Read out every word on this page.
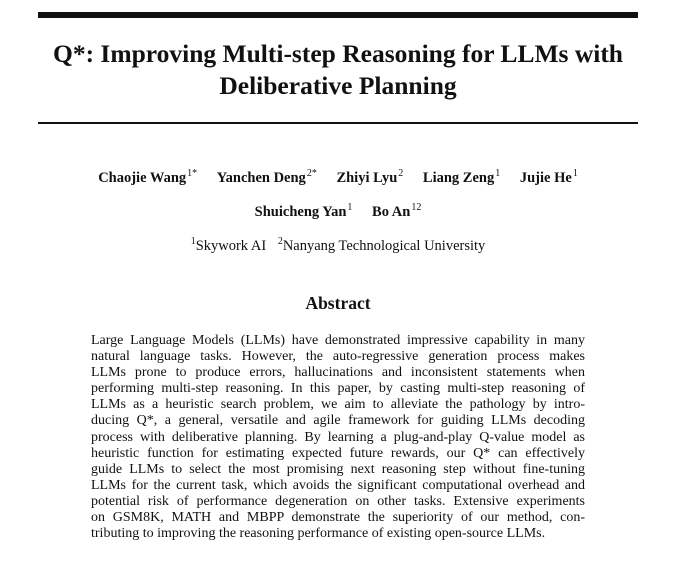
Q*: Improving Multi-step Reasoning for LLMs with
Deliberative Planning
Chaojie Wang$^{1*}$ Yanchen Deng$^{2*}$ Zhiyi Lyu$^2$ Liang Zeng$^1$ Jujie He$^1$
Shuicheng Yan$^1$ Bo An$^{12}$
$^1$Skywork AI $^2$Nanyang Technological University
Abstract
Large Language Models (LLMs) have demonstrated impressive capability in many
natural language tasks. However, the auto-regressive generation process makes
LLMs prone to produce errors, hallucinations and inconsistent statements when
performing multi-step reasoning. In this paper, by casting multi-step reasoning of
LLMs as a heuristic search problem, we aim to alleviate the pathology by intro-
ducing Q*, a general, versatile and agile framework for guiding LLMs decoding
process with deliberative planning. By learning a plug-and-play Q-value model as
heuristic function for estimating expected future rewards, our Q* can effectively
guide LLMs to select the most promising next reasoning step without fine-tuning
LLMs for the current task, which avoids the significant computational overhead and
potential risk of performance degeneration on other tasks. Extensive experiments
on GSM8K, MATH and MBPP demonstrate the superiority of our method, con-
tributing to improving the reasoning performance of existing open-source LLMs.
